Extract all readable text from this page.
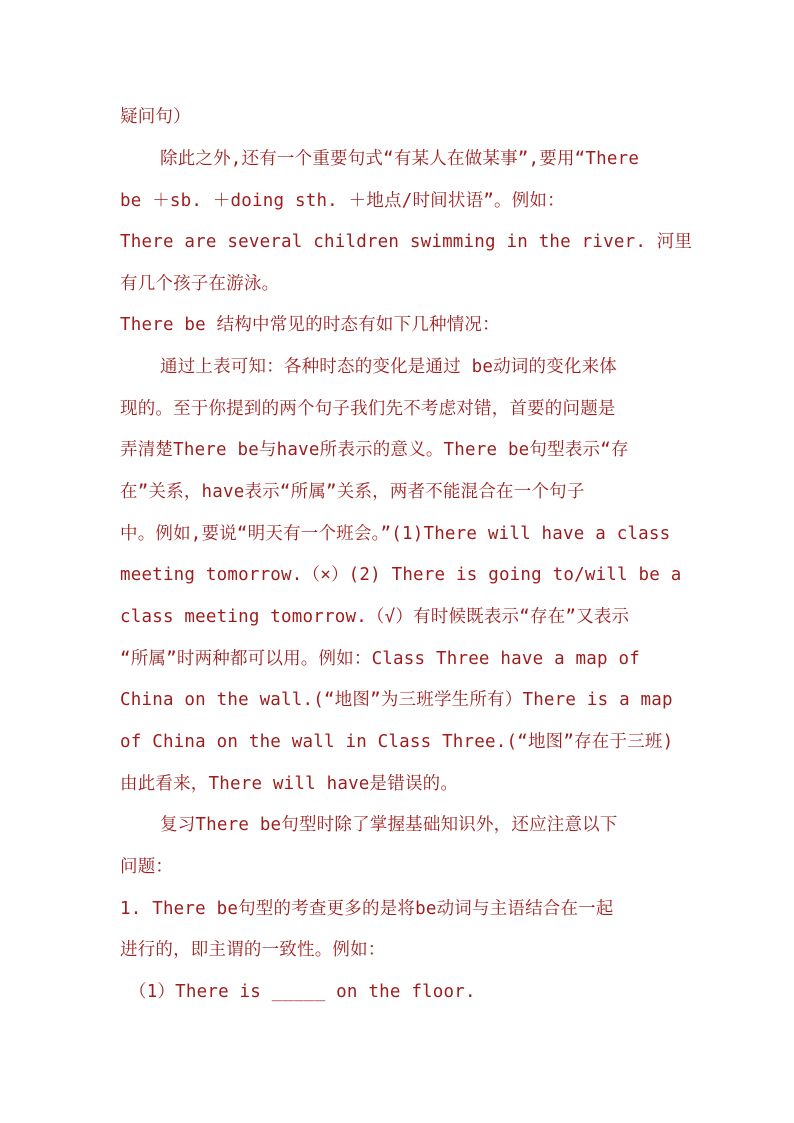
疑问句）
除此之外,还有一个重要句式“有某人在做某事”,要用“There
be ＋sb. ＋doing sth. ＋地点/时间状语”。例如：
There are several children swimming in the river. 河里
有几个孩子在游泳。
There be 结构中常见的时态有如下几种情况：
通过上表可知：各种时态的变化是通过 be动词的变化来体
现的。至于你提到的两个句子我们先不考虑对错，首要的问题是
弄清楚There be与have所表示的意义。There be句型表示“存
在”关系，have表示“所属”关系，两者不能混合在一个句子
中。例如,要说“明天有一个班会。”(1)There will have a class
meeting tomorrow.（×）(2) There is going to/will be a
class meeting tomorrow.（√）有时候既表示“存在”又表示
“所属”时两种都可以用。例如：Class Three have a map of
China on the wall.(“地图”为三班学生所有）There is a map
of China on the wall in Class Three.(“地图”存在于三班)
由此看来，There will have是错误的。
复习There be句型时除了掌握基础知识外，还应注意以下
问题：
1. There be句型的考查更多的是将be动词与主语结合在一起
进行的，即主谓的一致性。例如：
（1）There is _____ on the floor.
